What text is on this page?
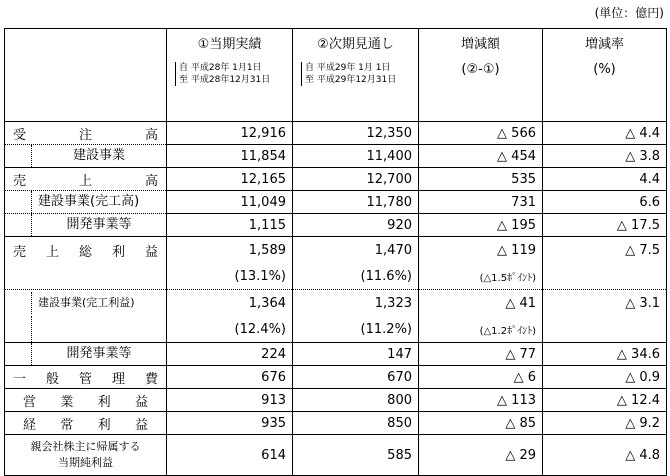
(単位：億円)

	①当期実績
自 平成28年 1月1日
至 平成28年12月31日	②次期見通し
自 平成29年 1月 1日
至 平成29年12月31日	増減額
(②-①)	増減率
(%)

受 注 高	12,916	12,350	△ 566	△ 4.4

建設事業	11,854	11,400	△ 454	△ 3.8

売 上 高	12,165	12,700	535	4.4

建設事業(完工高)	11,049	11,780	731	6.6

開発事業等	1,115	920	△ 195	△ 17.5

売 上 総 利 益	1,589	1,470	△ 119	△ 7.5
	(13.1%)	(11.6%)	(△1.5ﾎﾟｲﾝﾄ)	

建設事業(完工利益)	1,364	1,323	△ 41	△ 3.1

	(12.4%)	(11.2%)	(△1.2ﾎﾟｲﾝﾄ)	

開発事業等	224	147	△ 77	△ 34.6

一 般 管 理 費	676	670	△ 6	△ 0.9

営 業 利 益	913	800	△ 113	△ 12.4

経 常 利 益	935	850	△ 85	△ 9.2

親会社株主に帰属する
当期純利益	614	585	△ 29	△ 4.8
